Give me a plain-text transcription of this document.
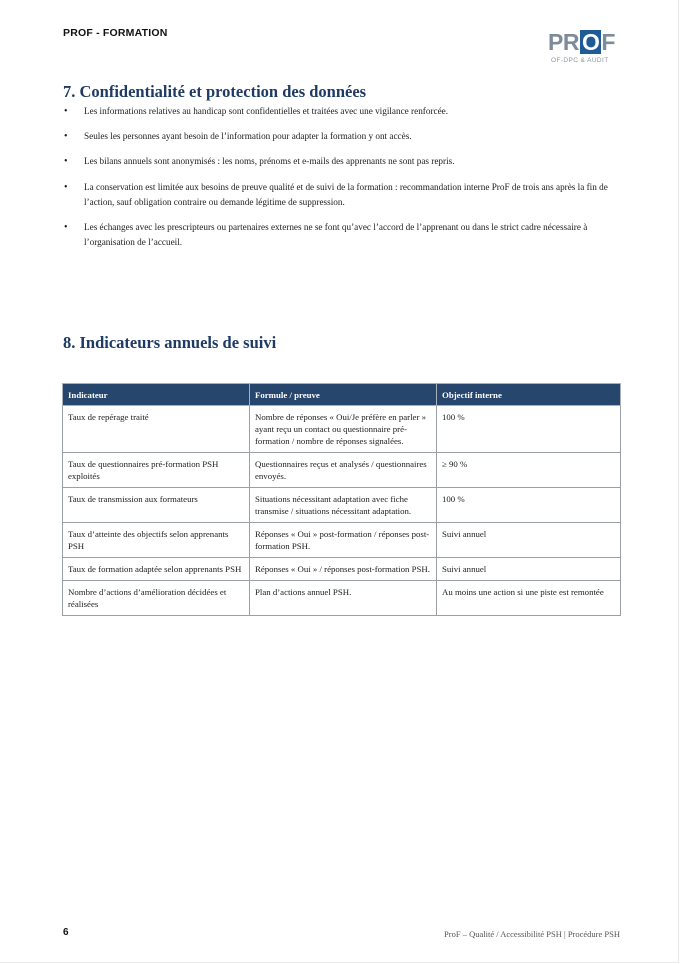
PROF - FORMATION	PR O F
OF-DPC & AUDIT
7. Confidentialité et protection des données
• Les informations relatives au handicap sont confidentielles et traitées avec une vigilance renforcée.
• Seules les personnes ayant besoin de l’information pour adapter la formation y ont accès.
• Les bilans annuels sont anonymisés : les noms, prénoms et e-mails des apprenants ne sont pas repris.
• La conservation est limitée aux besoins de preuve qualité et de suivi de la formation : recommandation interne ProF de trois ans après la fin de l’action, sauf obligation contraire ou demande légitime de suppression.
• Les échanges avec les prescripteurs ou partenaires externes ne se font qu’avec l’accord de l’apprenant ou dans le strict cadre nécessaire à l’organisation de l’accueil.
8. Indicateurs annuels de suivi
Indicateur	Formule / preuve	Objectif interne
Taux de repérage traité	Nombre de réponses « Oui/Je préfère en parler » ayant reçu un contact ou questionnaire pré-formation / nombre de réponses signalées.	100 %
Taux de questionnaires pré-formation PSH exploités	Questionnaires reçus et analysés / questionnaires envoyés.	≥ 90 %
Taux de transmission aux formateurs	Situations nécessitant adaptation avec fiche transmise / situations nécessitant adaptation.	100 %
Taux d’atteinte des objectifs selon apprenants PSH	Réponses « Oui » post-formation / réponses post-formation PSH.	Suivi annuel
Taux de formation adaptée selon apprenants PSH	Réponses « Oui » / réponses post-formation PSH.	Suivi annuel
Nombre d’actions d’amélioration décidées et réalisées	Plan d’actions annuel PSH.	Au moins une action si une piste est remontée
6	ProF – Qualité / Accessibilité PSH | Procédure PSH
